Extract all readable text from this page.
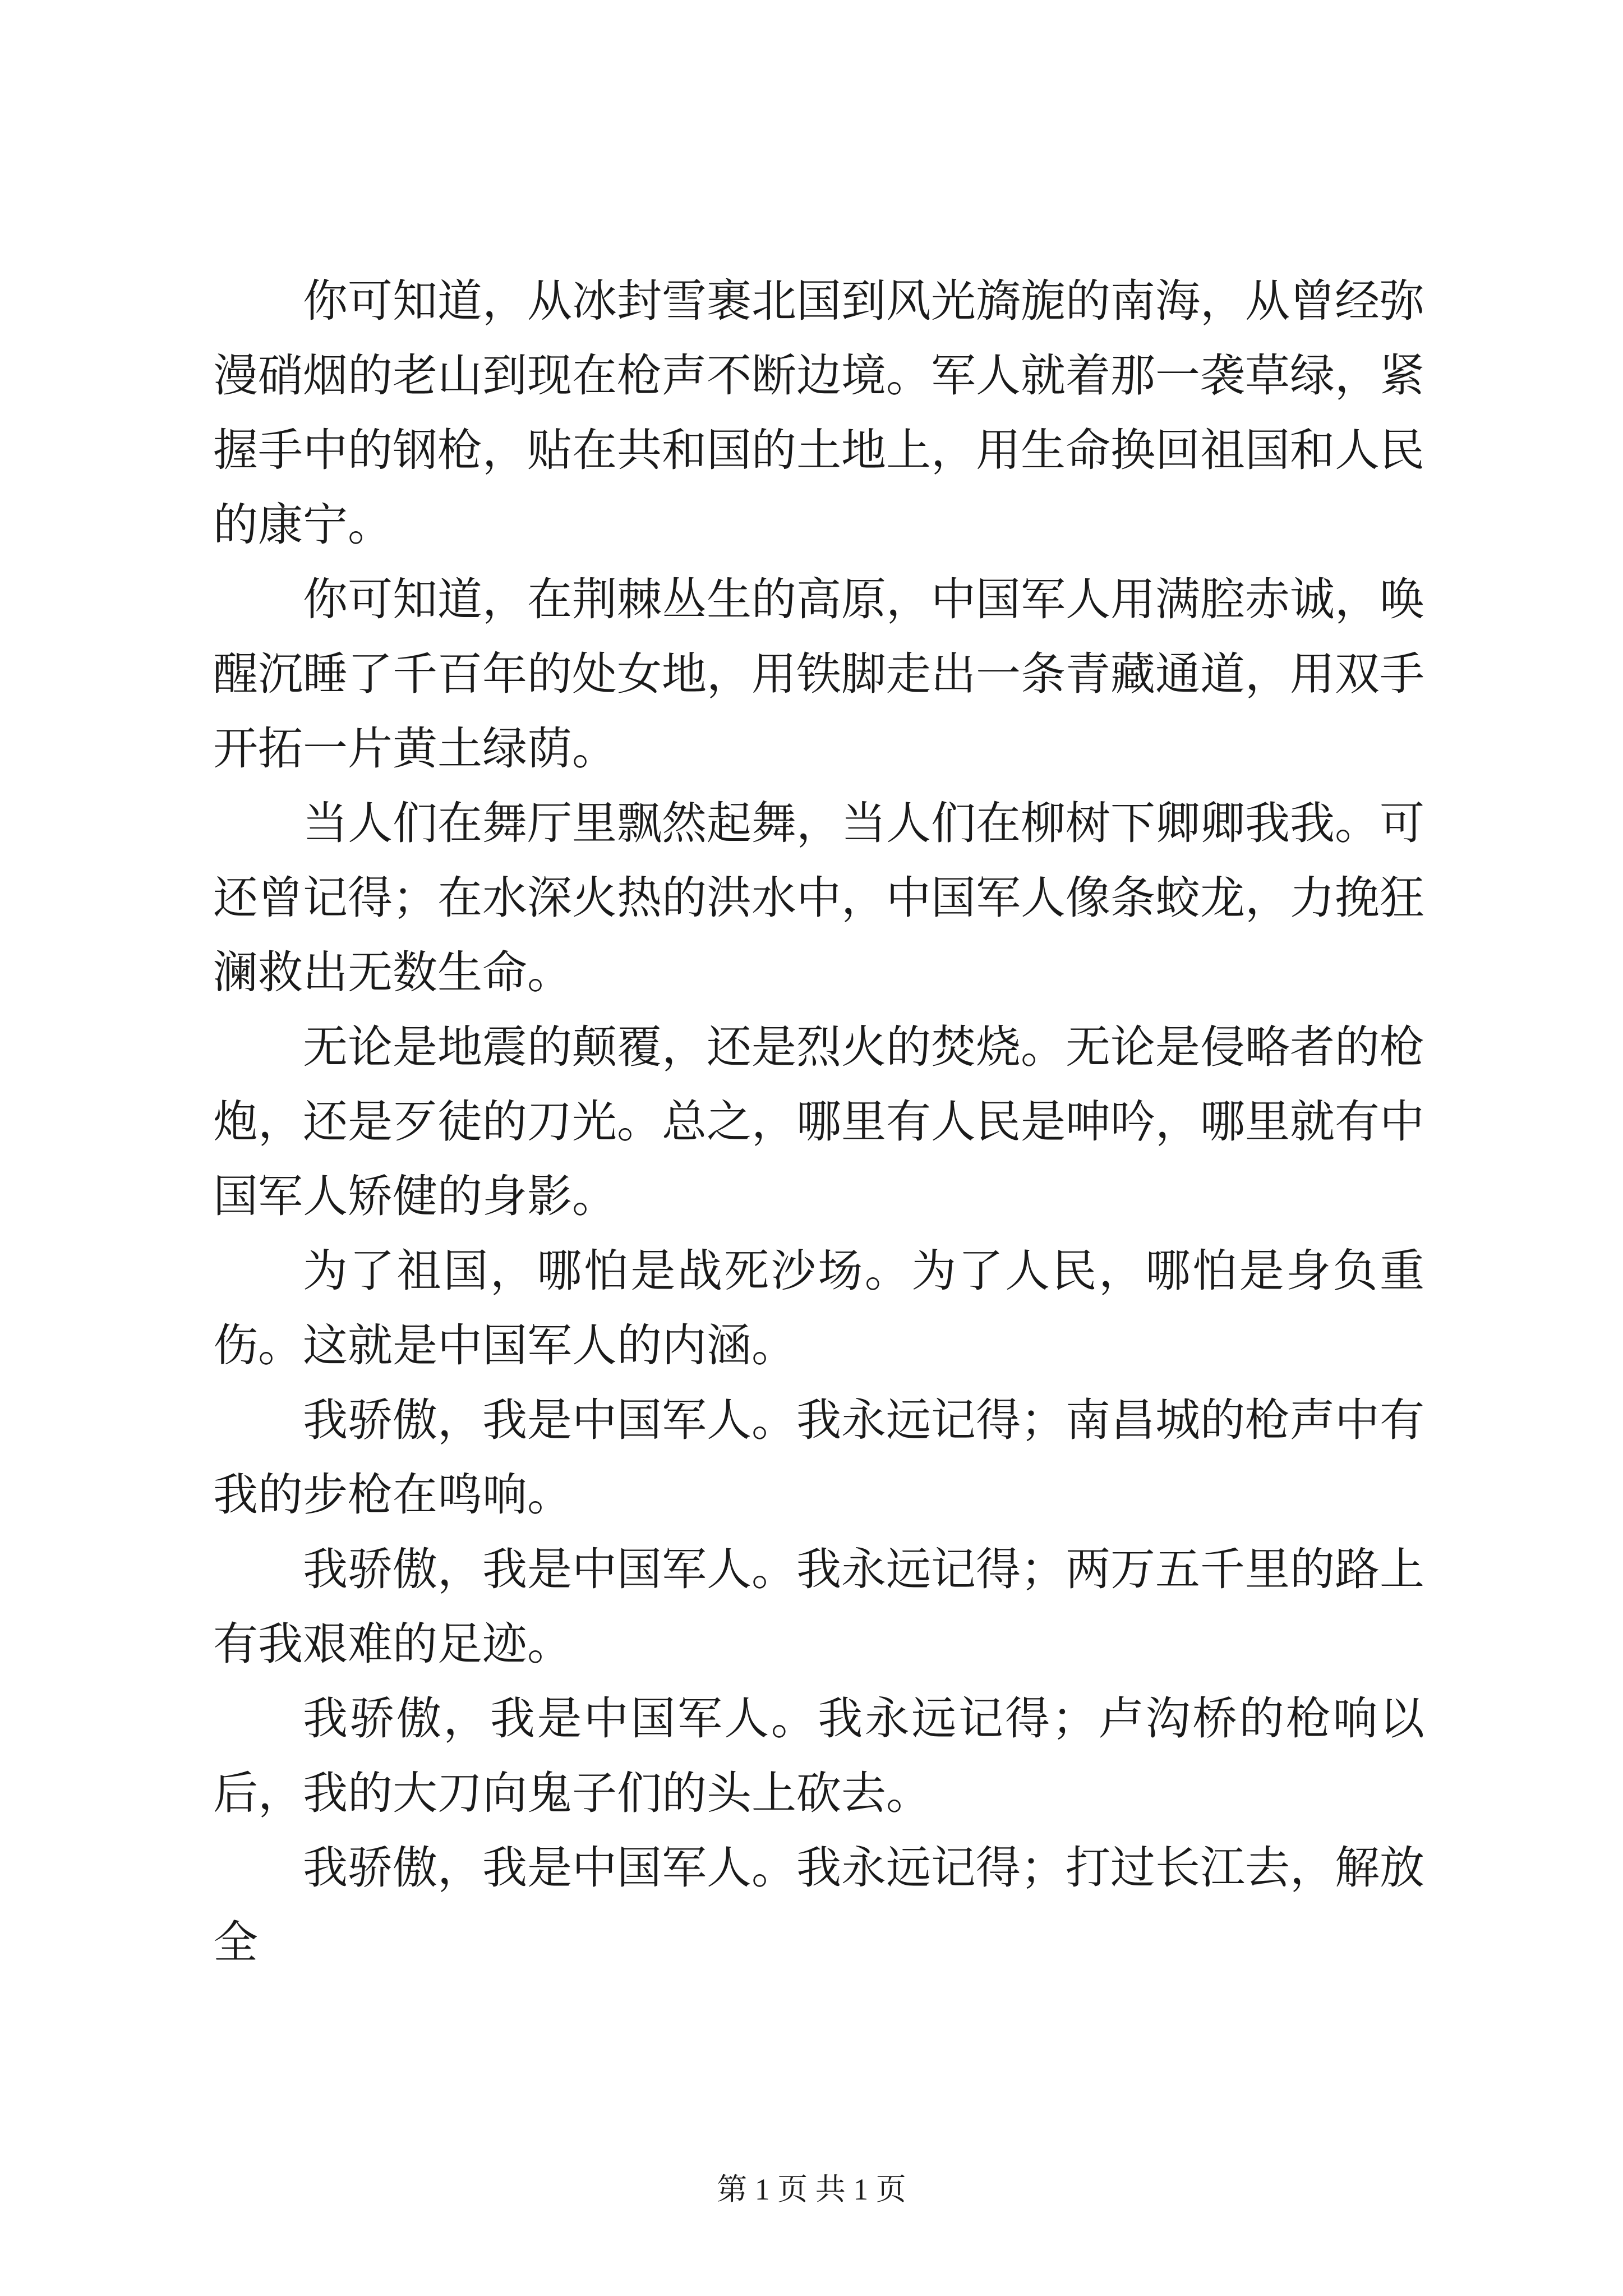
你可知道，从冰封雪裹北国到风光旖旎的南海，从曾经弥漫硝烟的老山到现在枪声不断边境。军人就着那一袭草绿，紧握手中的钢枪，贴在共和国的土地上，用生命换回祖国和人民的康宁。

你可知道，在荆棘丛生的高原，中国军人用满腔赤诚，唤醒沉睡了千百年的处女地，用铁脚走出一条青藏通道，用双手开拓一片黄土绿荫。

当人们在舞厅里飘然起舞，当人们在柳树下卿卿我我。可还曾记得；在水深火热的洪水中，中国军人像条蛟龙，力挽狂澜救出无数生命。

无论是地震的颠覆，还是烈火的焚烧。无论是侵略者的枪炮，还是歹徒的刀光。总之，哪里有人民是呻吟，哪里就有中国军人矫健的身影。

为了祖国，哪怕是战死沙场。为了人民，哪怕是身负重伤。这就是中国军人的内涵。

我骄傲，我是中国军人。我永远记得；南昌城的枪声中有我的步枪在鸣响。

我骄傲，我是中国军人。我永远记得；两万五千里的路上有我艰难的足迹。

我骄傲，我是中国军人。我永远记得；卢沟桥的枪响以后，我的大刀向鬼子们的头上砍去。

我骄傲，我是中国军人。我永远记得；打过长江去，解放全

第 1 页 共 1 页
